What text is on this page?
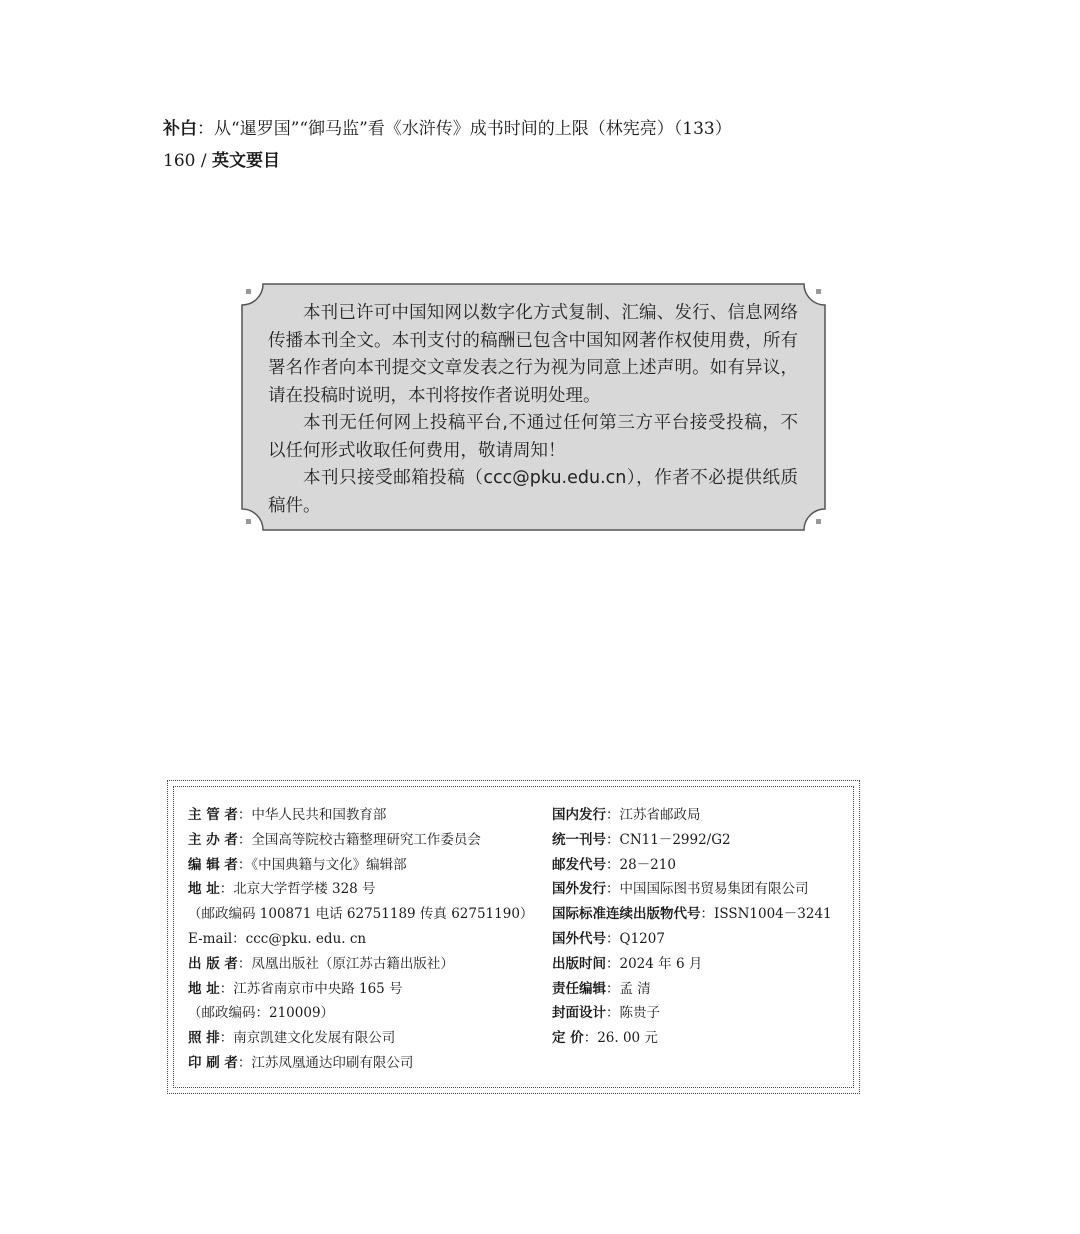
补白：从“暹罗国”“御马监”看《水浒传》成书时间的上限（林宪亮）（133）
160 / 英文要目

本刊已许可中国知网以数字化方式复制、汇编、发行、信息网络传播本刊全文。本刊支付的稿酬已包含中国知网著作权使用费，所有署名作者向本刊提交文章发表之行为视为同意上述声明。如有异议，请在投稿时说明，本刊将按作者说明处理。

本刊无任何网上投稿平台,不通过任何第三方平台接受投稿，不以任何形式收取任何费用，敬请周知！

本刊只接受邮箱投稿（ccc@pku.edu.cn），作者不必提供纸质稿件。

主 管 者：中华人民共和国教育部
主 办 者：全国高等院校古籍整理研究工作委员会
编 辑 者：《中国典籍与文化》编辑部
地 址：北京大学哲学楼 328 号
（邮政编码 100871 电话 62751189 传真 62751190）
E-mail：ccc@pku. edu. cn
出 版 者：凤凰出版社（原江苏古籍出版社）
地 址：江苏省南京市中央路 165 号
（邮政编码：210009）
照 排：南京凯建文化发展有限公司
印 刷 者：江苏凤凰通达印刷有限公司
国内发行：江苏省邮政局
统一刊号：CN11－2992/G2
邮发代号：28－210
国外发行：中国国际图书贸易集团有限公司
国际标准连续出版物代号：ISSN1004－3241
国外代号：Q1207
出版时间：2024 年 6 月
责任编辑：孟 清
封面设计：陈贵子
定 价：26. 00 元
